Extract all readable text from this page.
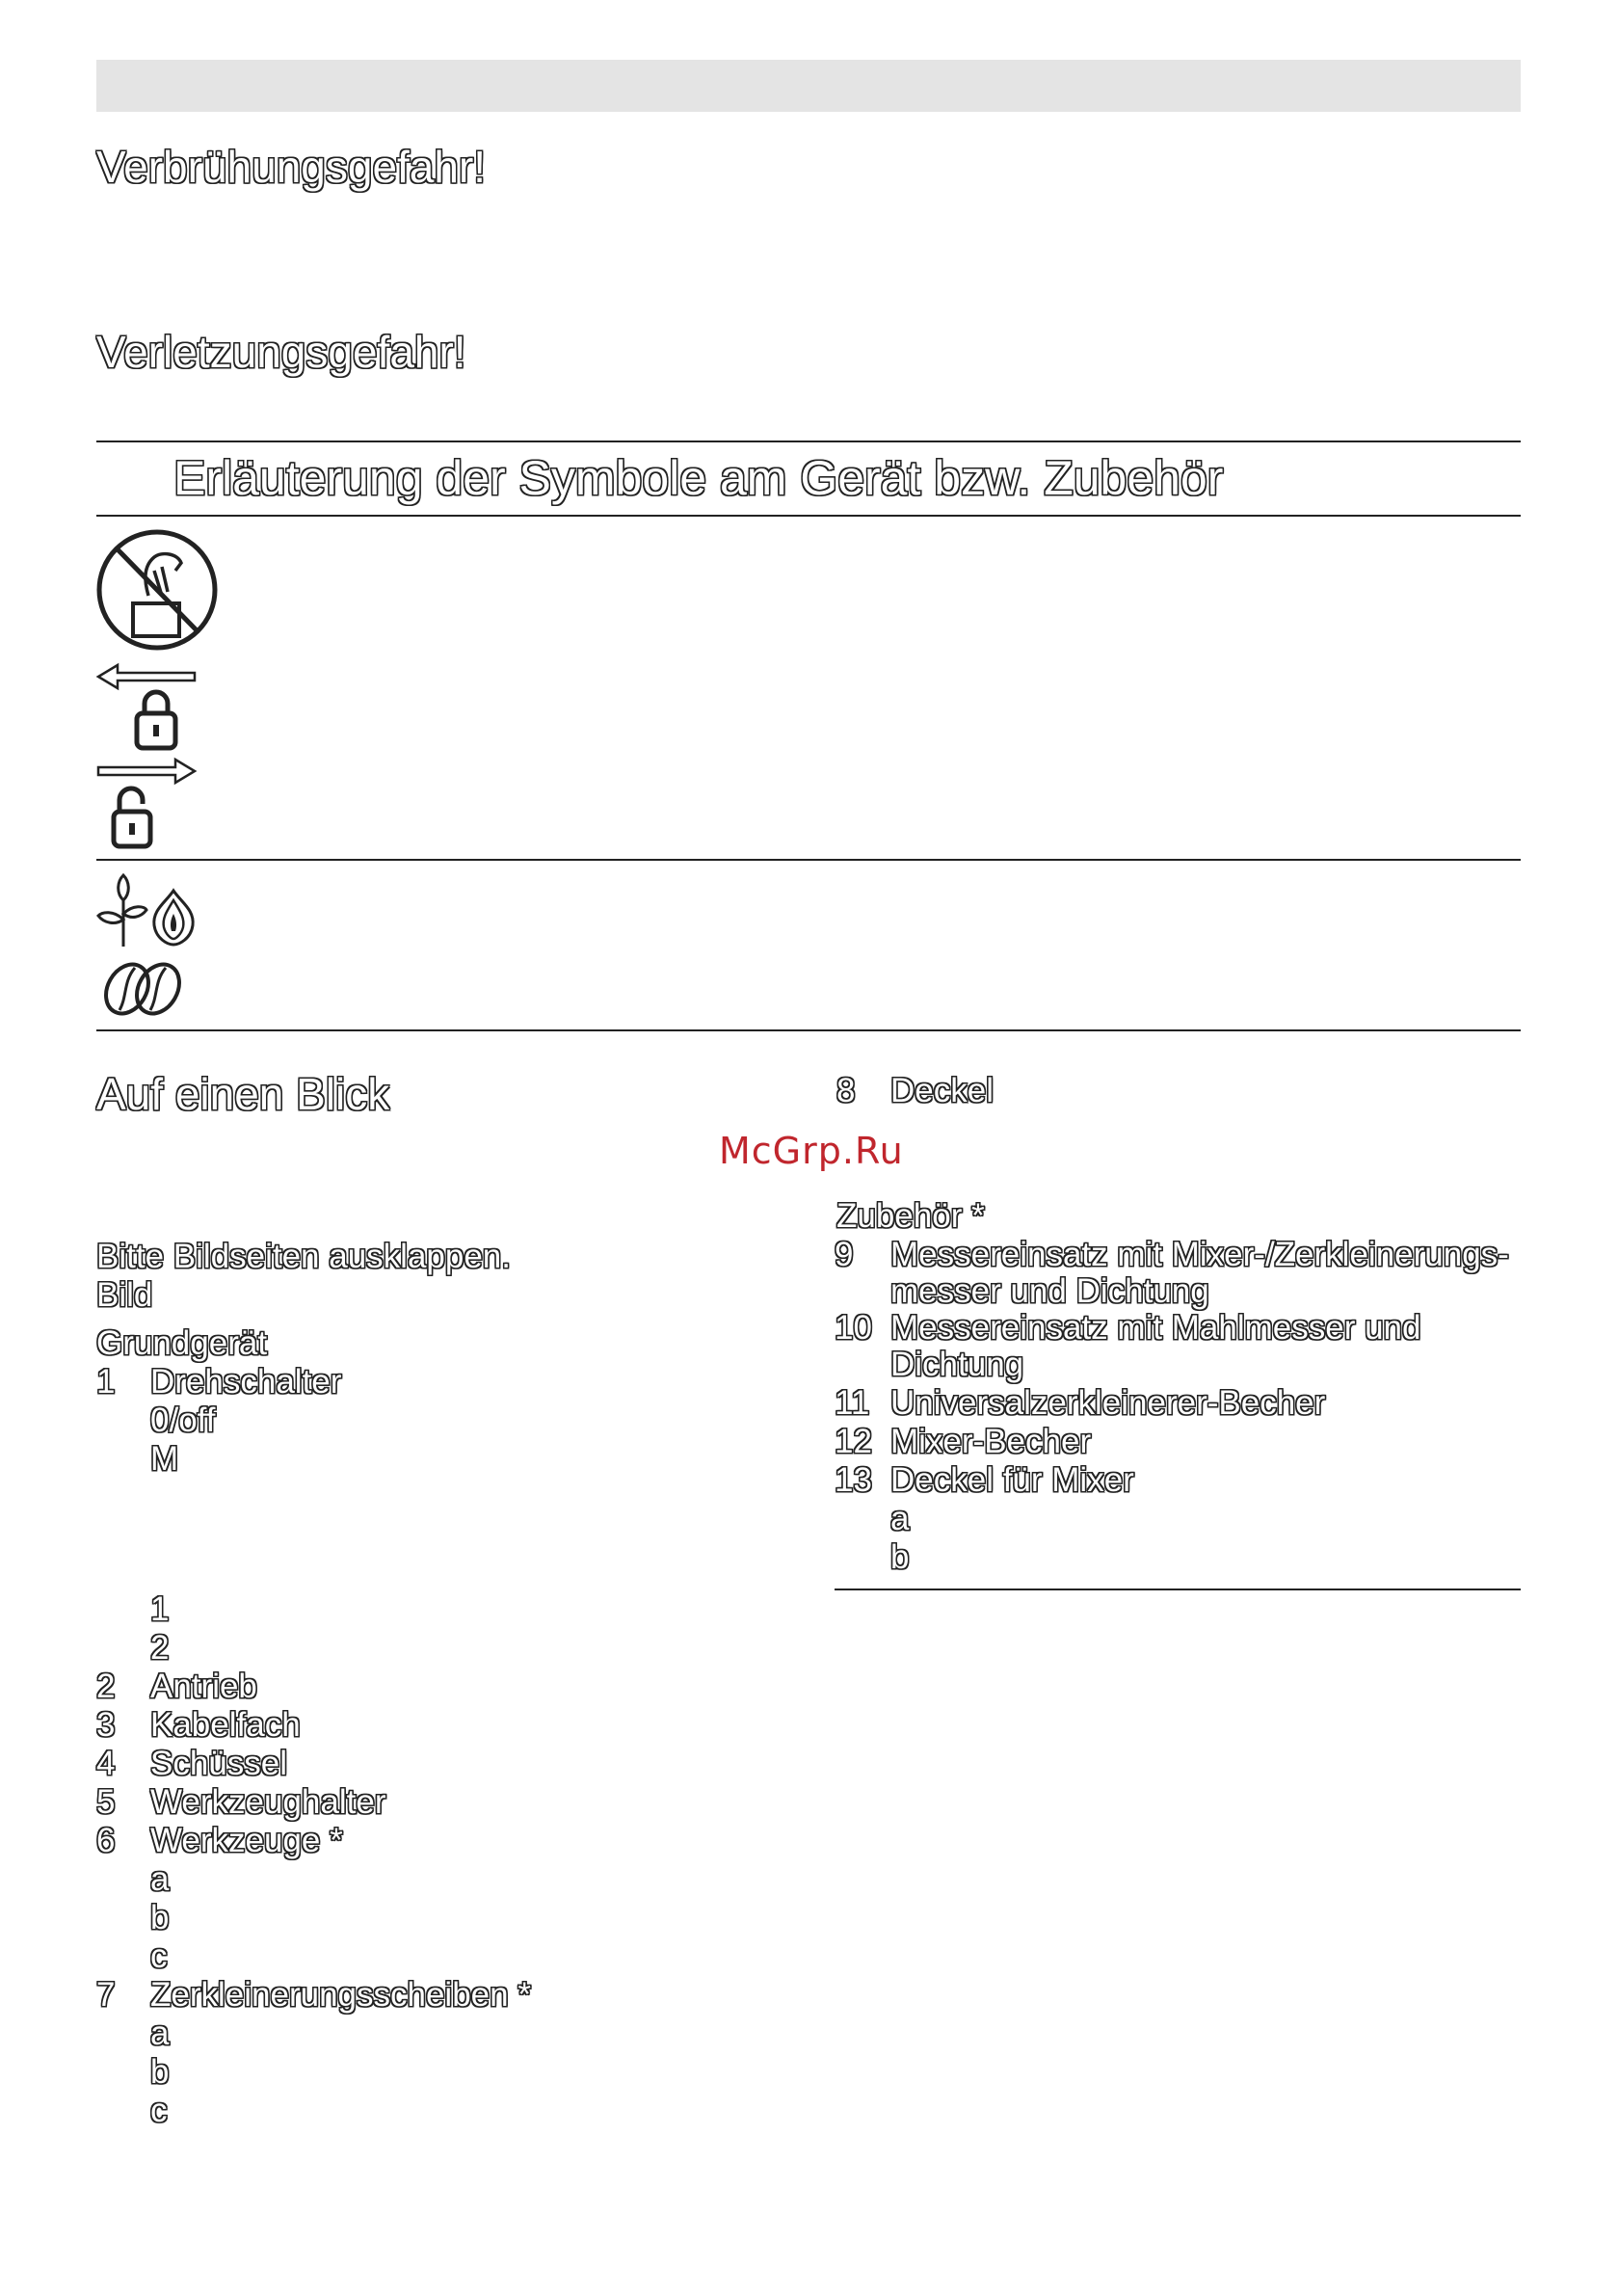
Verbrühungsgefahr!
Verletzungsgefahr!
Erläuterung der Symbole am Gerät bzw. Zubehör
Auf einen Blick
Bitte Bildseiten ausklappen.
Bild
Grundgerät
1 Drehschalter
0/off
M
1
2
2 Antrieb
3 Kabelfach
4 Schüssel
5 Werkzeughalter
6 Werkzeuge *
a
b
c
7 Zerkleinerungsscheiben *
a
b
c
8 Deckel
McGrp.Ru
Zubehör *
9 Messereinsatz mit Mixer-/Zerkleinerungs-
messer und Dichtung
10 Messereinsatz mit Mahlmesser und
Dichtung
11 Universalzerkleinerer-Becher
12 Mixer-Becher
13 Deckel für Mixer
a
b
